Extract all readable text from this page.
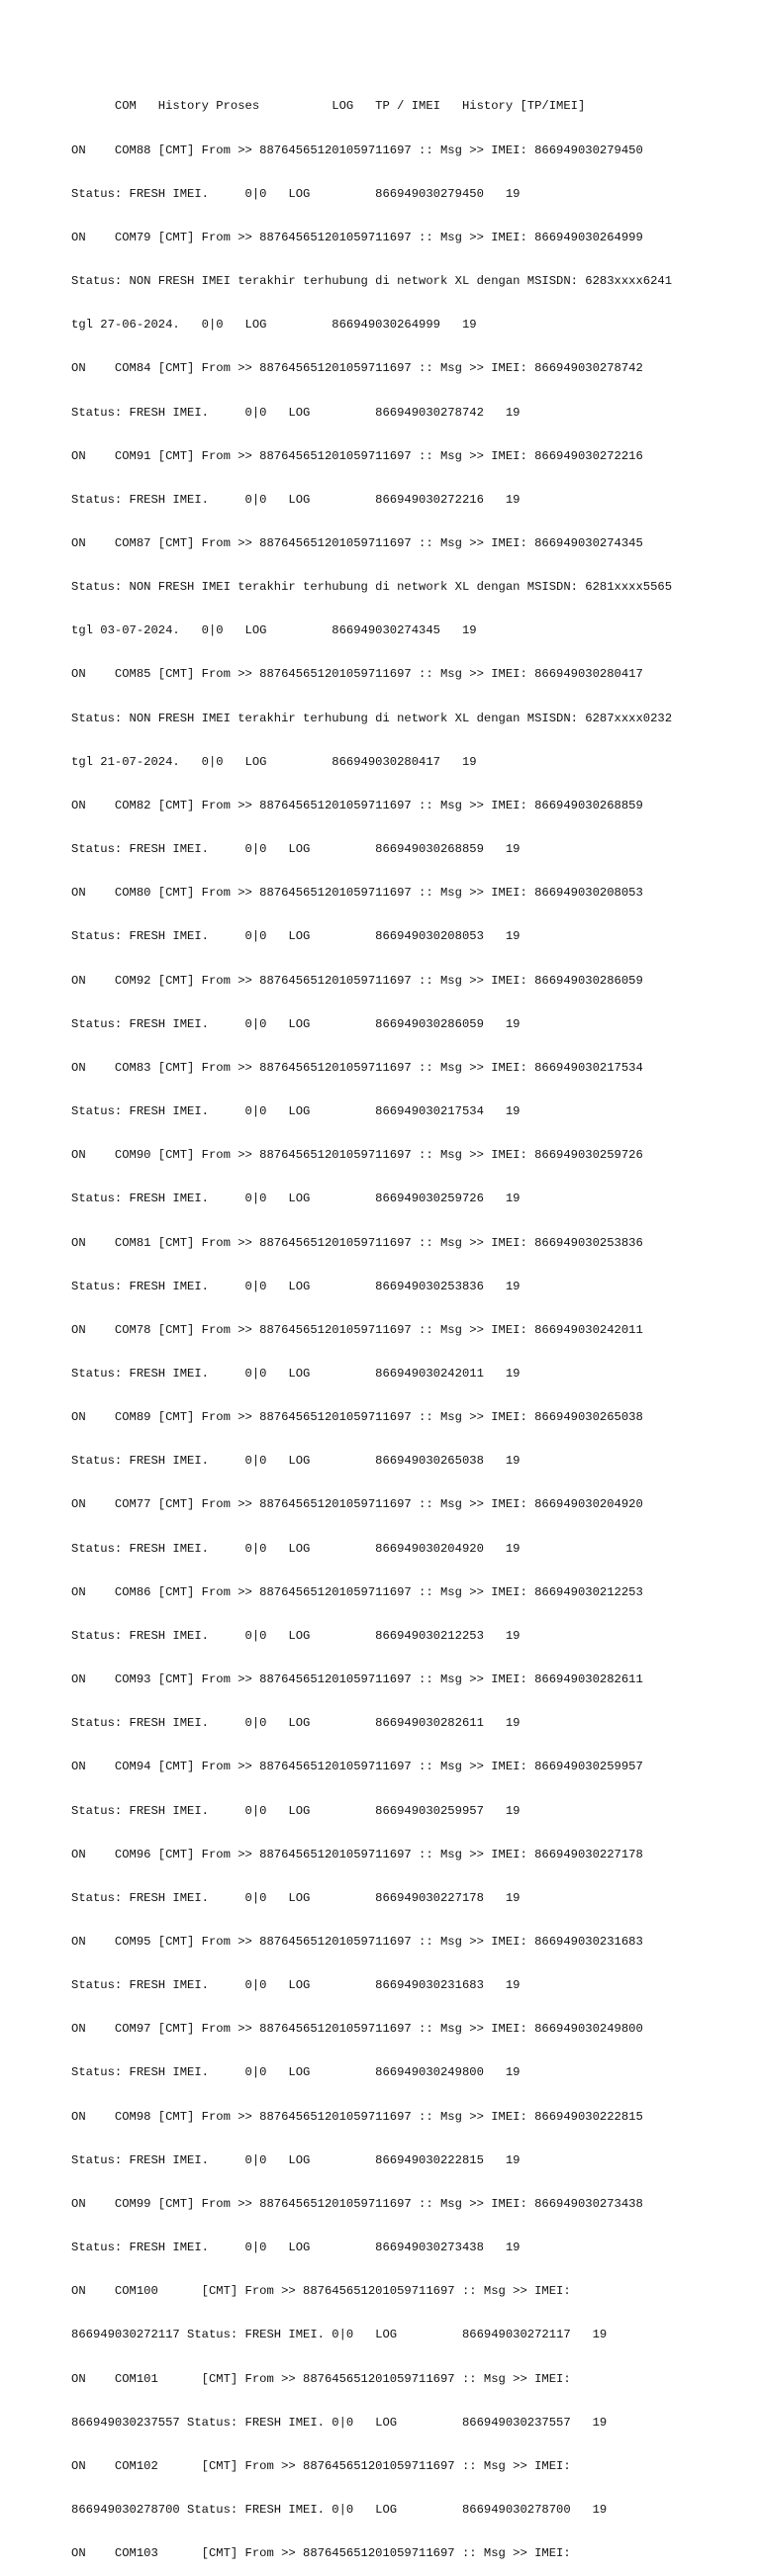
COM   History Proses          LOG   TP / IMEI   History [TP/IMEI]

ON    COM88 [CMT] From >> 887645651201059711697 :: Msg >> IMEI: 866949030279450

Status: FRESH IMEI.     0|0   LOG         866949030279450   19

ON    COM79 [CMT] From >> 887645651201059711697 :: Msg >> IMEI: 866949030264999

Status: NON FRESH IMEI terakhir terhubung di network XL dengan MSISDN: 6283xxxx6241

tgl 27-06-2024.   0|0   LOG         866949030264999   19

ON    COM84 [CMT] From >> 887645651201059711697 :: Msg >> IMEI: 866949030278742

Status: FRESH IMEI.     0|0   LOG         866949030278742   19

ON    COM91 [CMT] From >> 887645651201059711697 :: Msg >> IMEI: 866949030272216

Status: FRESH IMEI.     0|0   LOG         866949030272216   19

ON    COM87 [CMT] From >> 887645651201059711697 :: Msg >> IMEI: 866949030274345

Status: NON FRESH IMEI terakhir terhubung di network XL dengan MSISDN: 6281xxxx5565

tgl 03-07-2024.   0|0   LOG         866949030274345   19

ON    COM85 [CMT] From >> 887645651201059711697 :: Msg >> IMEI: 866949030280417

Status: NON FRESH IMEI terakhir terhubung di network XL dengan MSISDN: 6287xxxx0232

tgl 21-07-2024.   0|0   LOG         866949030280417   19

ON    COM82 [CMT] From >> 887645651201059711697 :: Msg >> IMEI: 866949030268859

Status: FRESH IMEI.     0|0   LOG         866949030268859   19

ON    COM80 [CMT] From >> 887645651201059711697 :: Msg >> IMEI: 866949030208053

Status: FRESH IMEI.     0|0   LOG         866949030208053   19

ON    COM92 [CMT] From >> 887645651201059711697 :: Msg >> IMEI: 866949030286059

Status: FRESH IMEI.     0|0   LOG         866949030286059   19

ON    COM83 [CMT] From >> 887645651201059711697 :: Msg >> IMEI: 866949030217534

Status: FRESH IMEI.     0|0   LOG         866949030217534   19

ON    COM90 [CMT] From >> 887645651201059711697 :: Msg >> IMEI: 866949030259726

Status: FRESH IMEI.     0|0   LOG         866949030259726   19

ON    COM81 [CMT] From >> 887645651201059711697 :: Msg >> IMEI: 866949030253836

Status: FRESH IMEI.     0|0   LOG         866949030253836   19

ON    COM78 [CMT] From >> 887645651201059711697 :: Msg >> IMEI: 866949030242011

Status: FRESH IMEI.     0|0   LOG         866949030242011   19

ON    COM89 [CMT] From >> 887645651201059711697 :: Msg >> IMEI: 866949030265038

Status: FRESH IMEI.     0|0   LOG         866949030265038   19

ON    COM77 [CMT] From >> 887645651201059711697 :: Msg >> IMEI: 866949030204920

Status: FRESH IMEI.     0|0   LOG         866949030204920   19

ON    COM86 [CMT] From >> 887645651201059711697 :: Msg >> IMEI: 866949030212253

Status: FRESH IMEI.     0|0   LOG         866949030212253   19

ON    COM93 [CMT] From >> 887645651201059711697 :: Msg >> IMEI: 866949030282611

Status: FRESH IMEI.     0|0   LOG         866949030282611   19

ON    COM94 [CMT] From >> 887645651201059711697 :: Msg >> IMEI: 866949030259957

Status: FRESH IMEI.     0|0   LOG         866949030259957   19

ON    COM96 [CMT] From >> 887645651201059711697 :: Msg >> IMEI: 866949030227178

Status: FRESH IMEI.     0|0   LOG         866949030227178   19

ON    COM95 [CMT] From >> 887645651201059711697 :: Msg >> IMEI: 866949030231683

Status: FRESH IMEI.     0|0   LOG         866949030231683   19

ON    COM97 [CMT] From >> 887645651201059711697 :: Msg >> IMEI: 866949030249800

Status: FRESH IMEI.     0|0   LOG         866949030249800   19

ON    COM98 [CMT] From >> 887645651201059711697 :: Msg >> IMEI: 866949030222815

Status: FRESH IMEI.     0|0   LOG         866949030222815   19

ON    COM99 [CMT] From >> 887645651201059711697 :: Msg >> IMEI: 866949030273438

Status: FRESH IMEI.     0|0   LOG         866949030273438   19

ON    COM100      [CMT] From >> 887645651201059711697 :: Msg >> IMEI:

866949030272117 Status: FRESH IMEI. 0|0   LOG         866949030272117   19

ON    COM101      [CMT] From >> 887645651201059711697 :: Msg >> IMEI:

866949030237557 Status: FRESH IMEI. 0|0   LOG         866949030237557   19

ON    COM102      [CMT] From >> 887645651201059711697 :: Msg >> IMEI:

866949030278700 Status: FRESH IMEI. 0|0   LOG         866949030278700   19

ON    COM103      [CMT] From >> 887645651201059711697 :: Msg >> IMEI:
